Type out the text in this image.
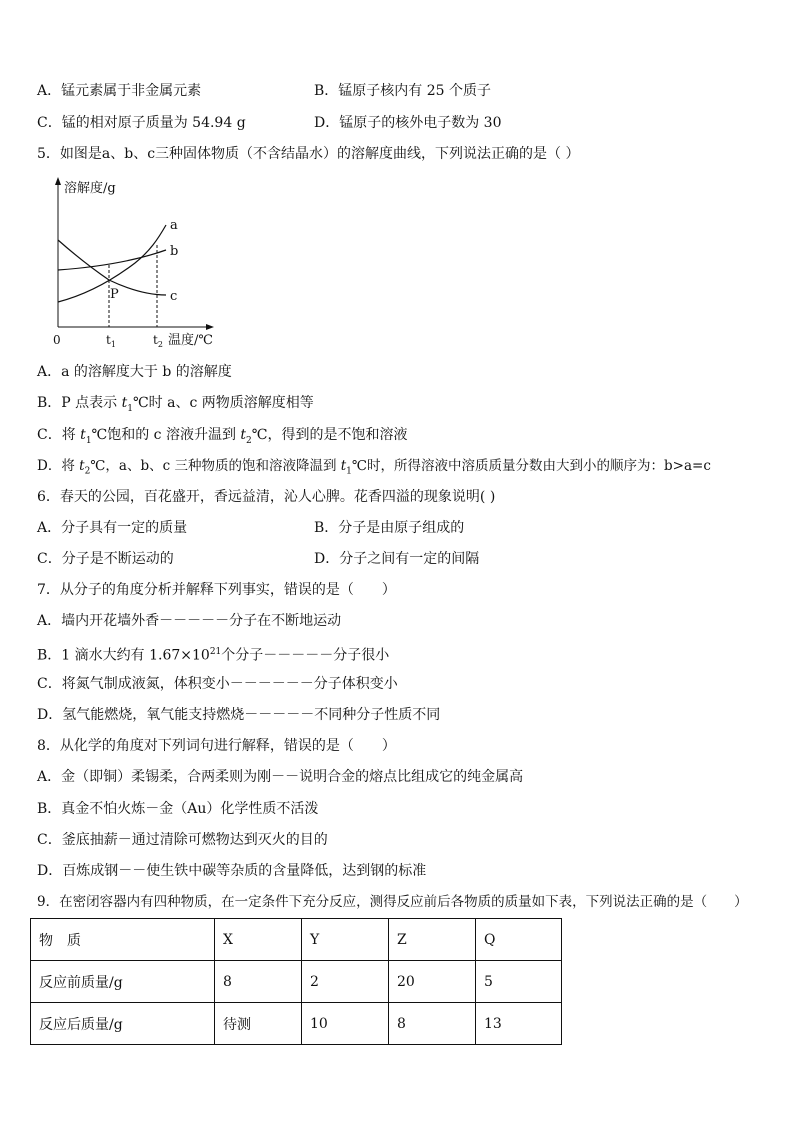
A．锰元素属于非金属元素	B．锰原子核内有 25 个质子
C．锰的相对原子质量为 54.94 g	D．锰原子的核外电子数为 30
5．如图是a、b、c三种固体物质（不含结晶水）的溶解度曲线，下列说法正确的是（ ）
溶解度/g
a
b
c
P
0	$t_1$	$t_2$ 温度/℃
A．a 的溶解度大于 b 的溶解度
B．P 点表示 $t_1℃$时 a、c 两物质溶解度相等
C．将 $t_1℃$饱和的 c 溶液升温到 $t_2℃$，得到的是不饱和溶液
D．将 $t_2℃$，a、b、c 三种物质的饱和溶液降温到 $t_1℃$时，所得溶液中溶质质量分数由大到小的顺序为：b>a=c
6．春天的公园，百花盛开，香远益清，沁人心脾。花香四溢的现象说明( )
A．分子具有一定的质量	B．分子是由原子组成的
C．分子是不断运动的	D．分子之间有一定的间隔
7．从分子的角度分析并解释下列事实，错误的是（　　）
A．墙内开花墙外香－－－－－分子在不断地运动
B．1 滴水大约有 $1.67\times 10^{21}$个分子－－－－－分子很小
C．将氮气制成液氮，体积变小－－－－－－分子体积变小
D．氢气能燃烧，氧气能支持燃烧－－－－－不同种分子性质不同
8．从化学的角度对下列词句进行解释，错误的是（　　）
A．金（即铜）柔锡柔，合两柔则为刚－－说明合金的熔点比组成它的纯金属高
B．真金不怕火炼－金（Au）化学性质不活泼
C．釜底抽薪－通过清除可燃物达到灭火的目的
D．百炼成钢－－使生铁中碳等杂质的含量降低，达到钢的标准
9．在密闭容器内有四种物质，在一定条件下充分反应，测得反应前后各物质的质量如下表，下列说法正确的是（　　）
物　质	X	Y	Z	Q
反应前质量/g	8	2	20	5
反应后质量/g	待测	10	8	13
